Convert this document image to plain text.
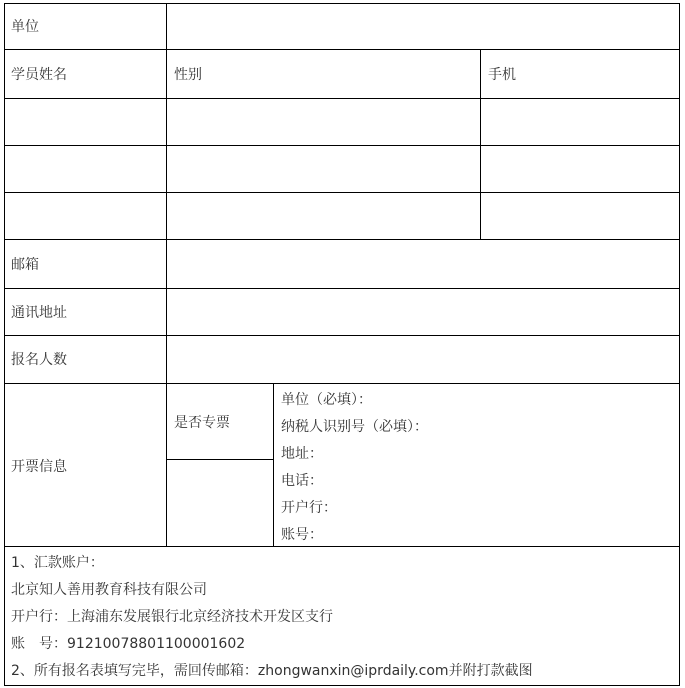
单位
学员姓名	性别	手机
邮箱
通讯地址
报名人数
开票信息
是否专票
单位（必填）：
纳税人识别号（必填）：
地址：
电话：
开户行：
账号：
1、汇款账户：
北京知人善用教育科技有限公司
开户行：上海浦东发展银行北京经济技术开发区支行
账　号：91210078801100001602
2、所有报名表填写完毕，需回传邮箱：zhongwanxin@iprdaily.com并附打款截图
